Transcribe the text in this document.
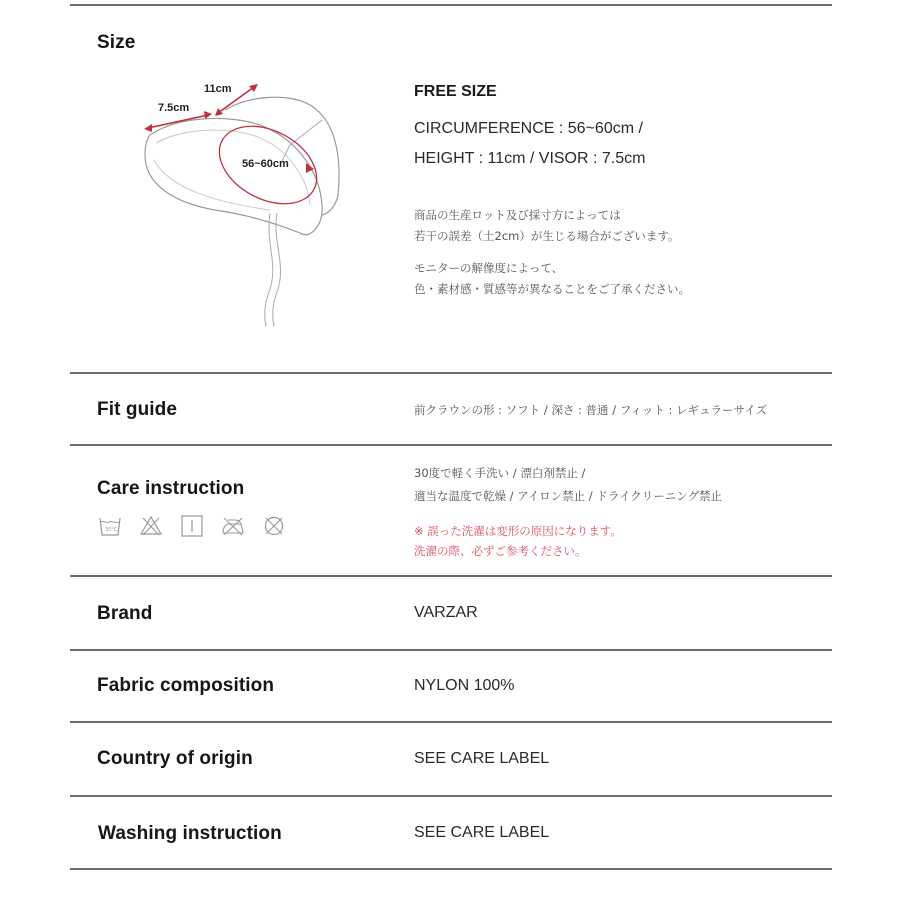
Size
11cm
7.5cm
56~60cm
FREE SIZE
CIRCUMFERENCE : 56~60cm /
HEIGHT : 11cm / VISOR : 7.5cm
商品の生産ロット及び採寸方によっては
若干の誤差（土2cm）が生じる場合がございます。
モニターの解像度によって、
色・素材感・質感等が異なることをご了承ください。
Fit guide	前クラウンの形 : ソフト / 深さ : 普通 / フィット : レギュラーサイズ
Care instruction
30°C
30度で軽く手洗い / 漂白剤禁止 /
適当な温度で乾燥 / アイロン禁止 / ドライクリーニング禁止
※ 誤った洗濯は変形の原因になります。
洗濯の際、必ずご参考ください。
Brand	VARZAR
Fabric composition	NYLON 100%
Country of origin	SEE CARE LABEL
Washing instruction	SEE CARE LABEL
